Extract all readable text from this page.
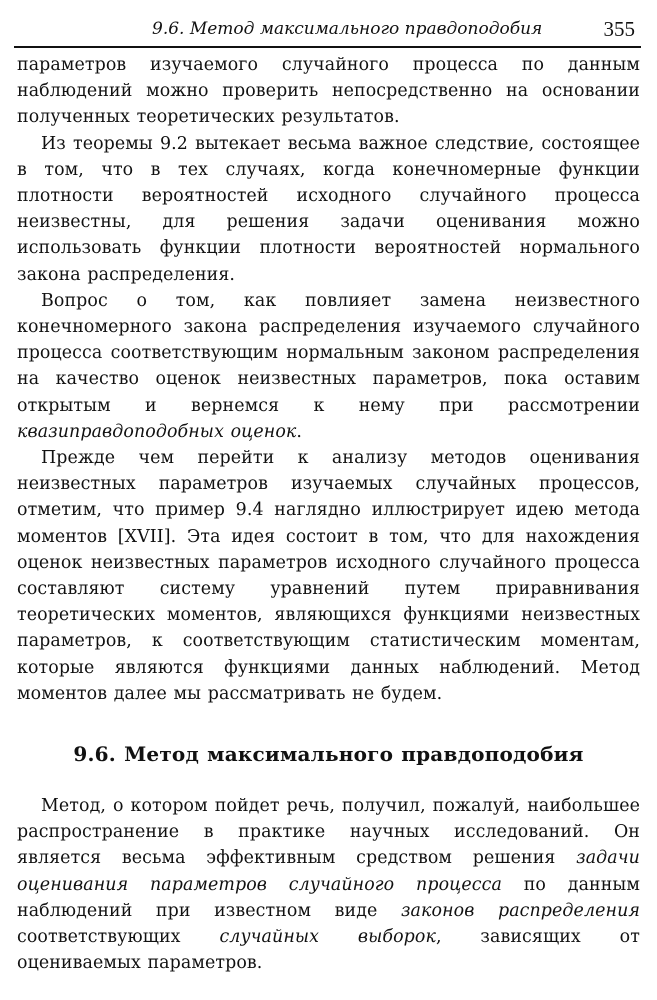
9.6. Метод максимального правдоподобия	355

параметров изучаемого случайного процесса по данным наблюдений можно проверить непосредственно на основании полученных теоретических результатов.

Из теоремы 9.2 вытекает весьма важное следствие, состоящее в том, что в тех случаях, когда конечномерные функции плотности вероятностей исходного случайного процесса неизвестны, для решения задачи оценивания можно использовать функции плотности вероятностей нормального закона распределения.

Вопрос о том, как повлияет замена неизвестного конечномерного закона распределения изучаемого случайного процесса соответствующим нормальным законом распределения на качество оценок неизвестных параметров, пока оставим открытым и вернемся к нему при рассмотрении квазиправдоподобных оценок.

Прежде чем перейти к анализу методов оценивания неизвестных параметров изучаемых случайных процессов, отметим, что пример 9.4 наглядно иллюстрирует идею метода моментов [XVII]. Эта идея состоит в том, что для нахождения оценок неизвестных параметров исходного случайного процесса составляют систему уравнений путем приравнивания теоретических моментов, являющихся функциями неизвестных параметров, к соответствующим статистическим моментам, которые являются функциями данных наблюдений. Метод моментов далее мы рассматривать не будем.

9.6. Метод максимального правдоподобия

Метод, о котором пойдет речь, получил, пожалуй, наибольшее распространение в практике научных исследований. Он является весьма эффективным средством решения задачи оценивания параметров случайного процесса по данным наблюдений при известном виде законов распределения соответствующих случайных выборок, зависящих от оцениваемых параметров.
